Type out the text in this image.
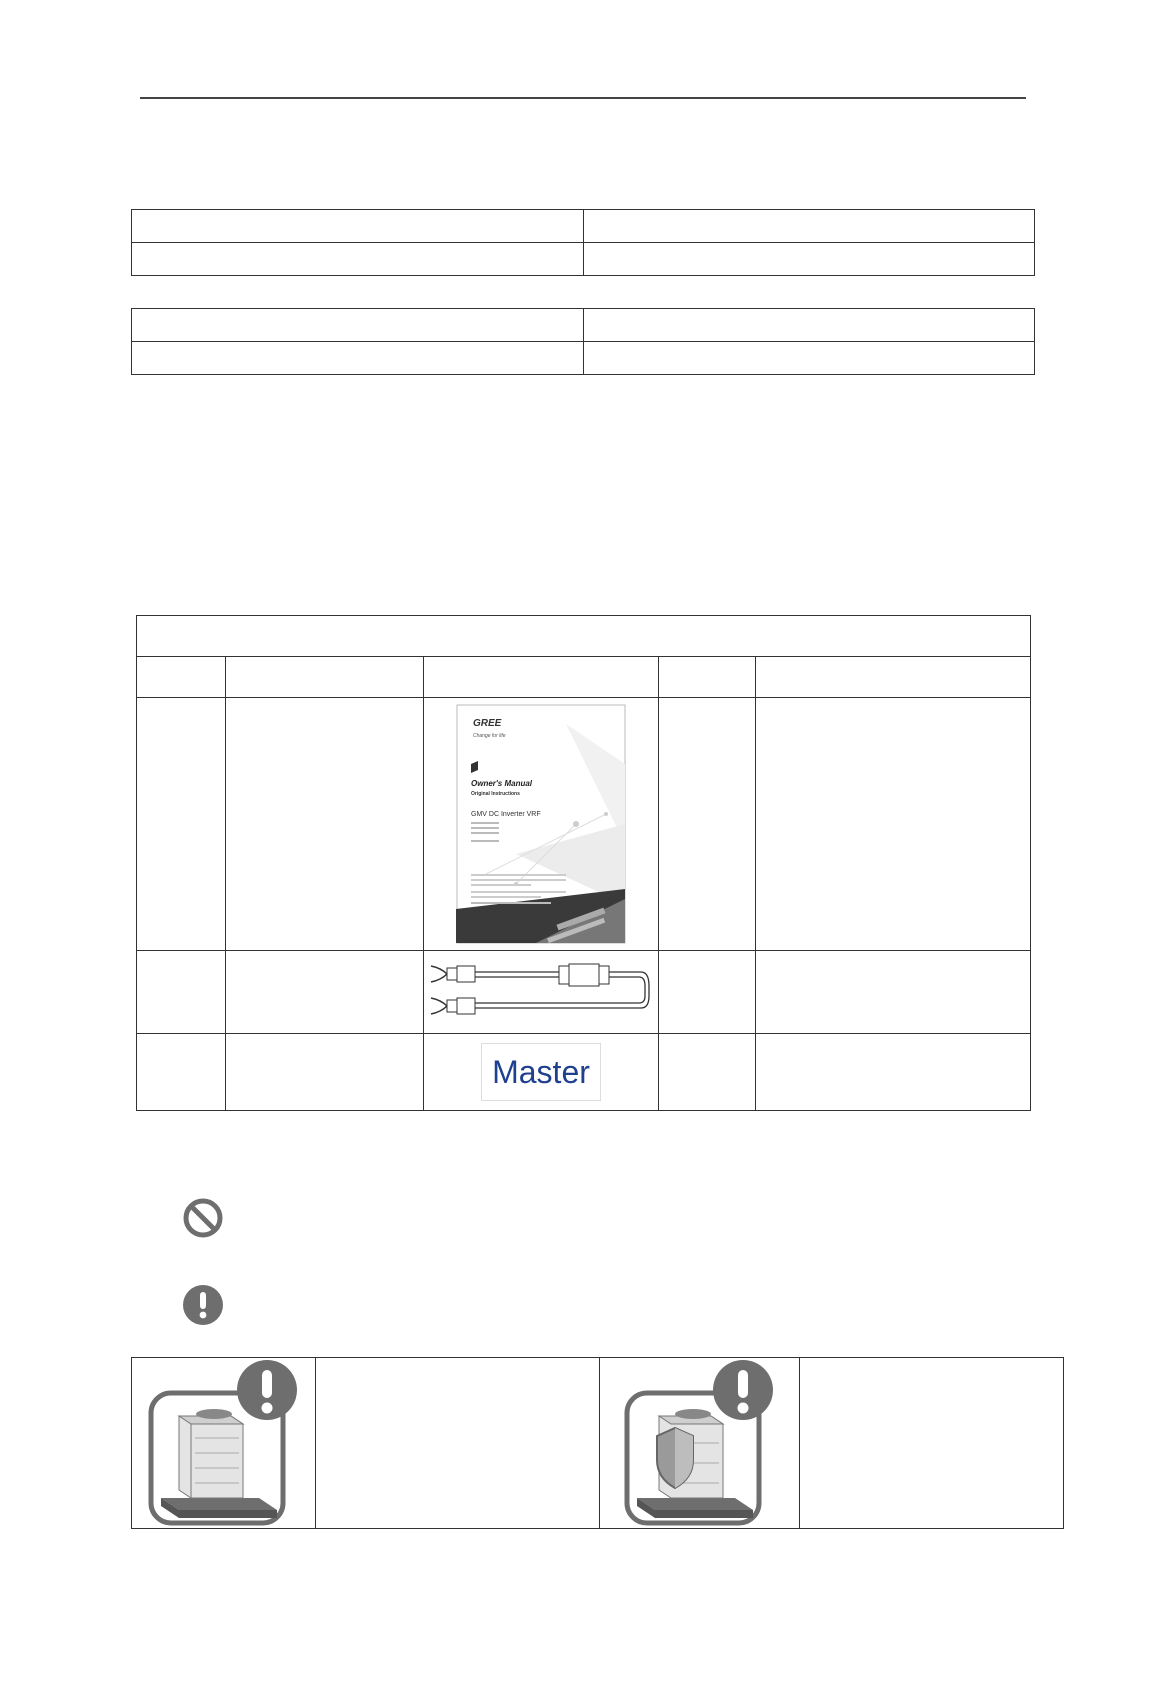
GREE
Change for life
Owner's Manual
Original Instructions
GMV DC Inverter VRF		

		Master		
